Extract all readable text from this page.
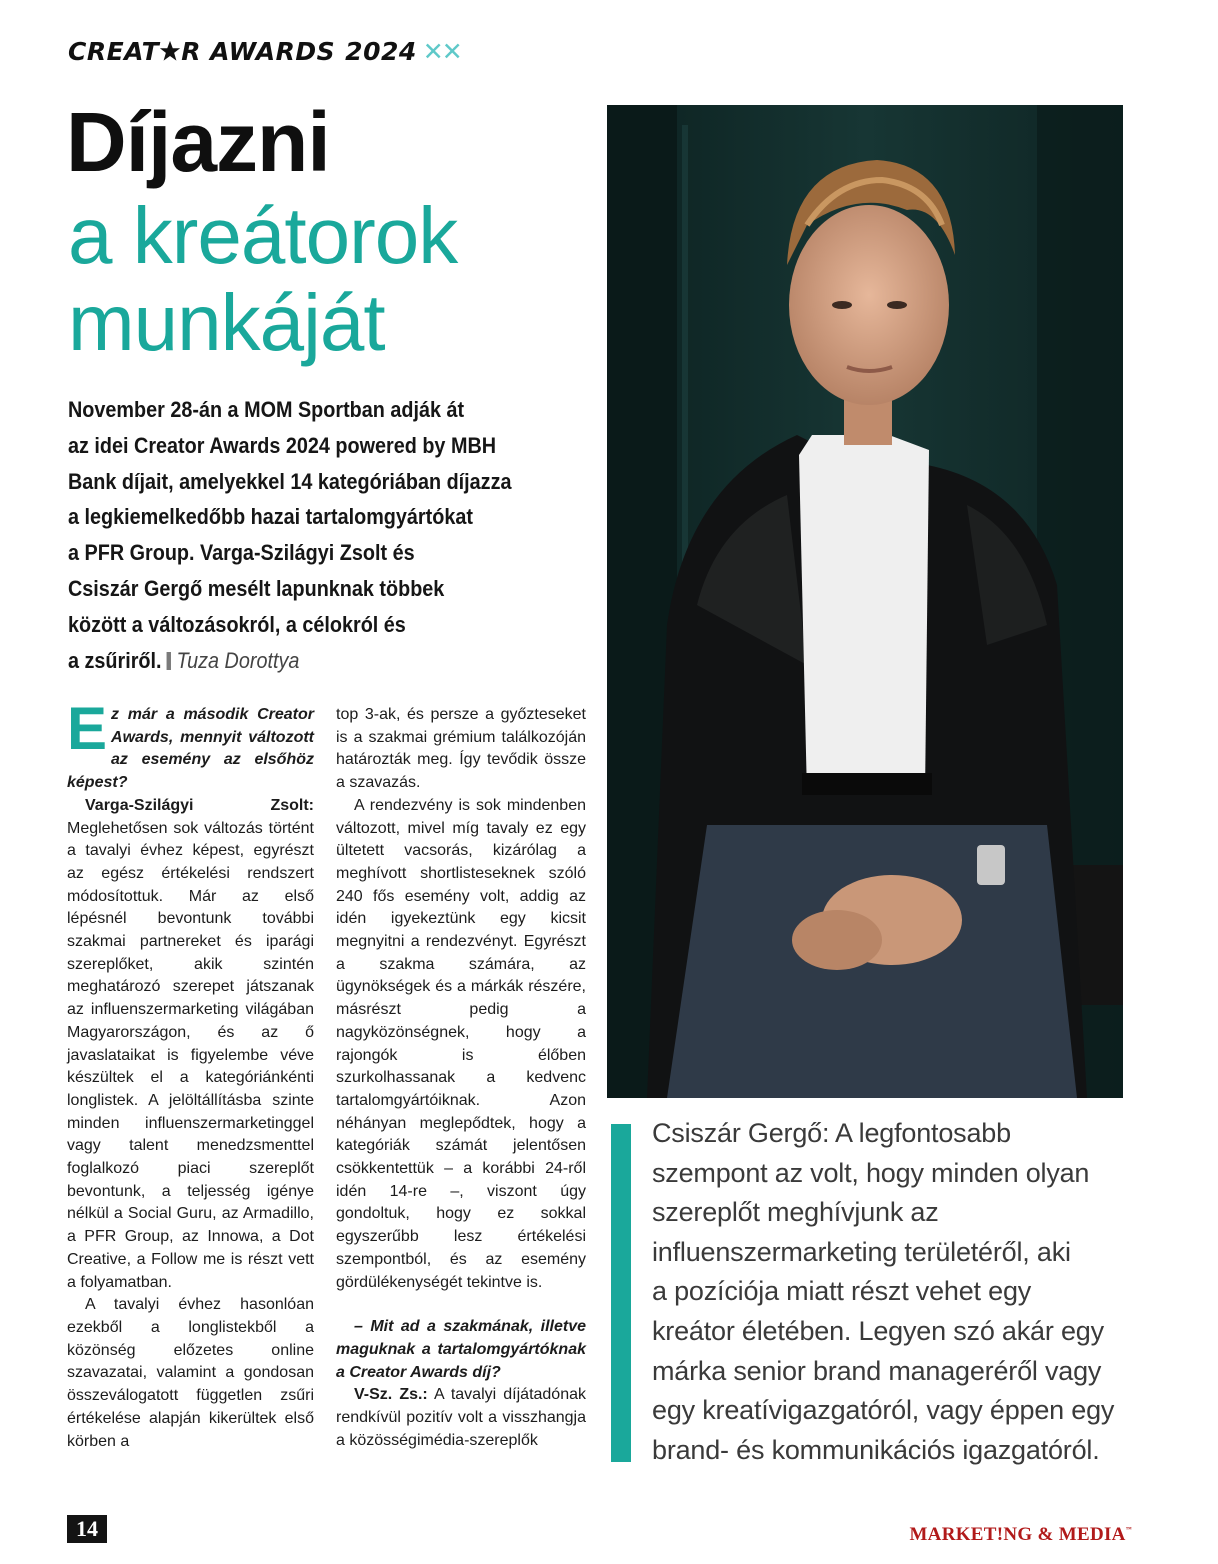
CREAT R AWARDS 2024 ✕✕
Díjazni
a kreátorok
munkáját
November 28-án a MOM Sportban adják át
az idei Creator Awards 2024 powered by MBH
Bank díjait, amelyekkel 14 kategóriában díjazza
a legkiemelkedőbb hazai tartalomgyártókat
a PFR Group. Varga-Szilágyi Zsolt és
Csiszár Gergő mesélt lapunknak többek
között a változásokról, a célokról és
a zsűriről. Tuza Dorottya

Ez már a második Creator Awards, mennyit változott az esemény az elsőhöz képest?

Varga-Szilágyi Zsolt: Meglehetősen sok változás történt a tavalyi évhez képest, egyrészt az egész értékelési rendszert módosítottuk. Már az első lépésnél bevontunk további szakmai partnereket és iparági szereplőket, akik szintén meghatározó szerepet játszanak az influenszermarketing világában Magyarországon, és az ő javaslataikat is figyelembe véve készültek el a kategóriánkénti longlistek. A jelöltállításba szinte minden influenszermarketinggel vagy talent menedzsmenttel foglalkozó piaci szereplőt bevontunk, a teljesség igénye nélkül a Social Guru, az Armadillo, a PFR Group, az Innowa, a Dot Creative, a Follow me is részt vett a folyamatban.

A tavalyi évhez hasonlóan ezekből a longlistekből a közönség előzetes online szavazatai, valamint a gondosan összeválogatott független zsűri értékelése alapján kikerültek első körben a

top 3-ak, és persze a győzteseket is a szakmai grémium találkozóján határozták meg. Így tevődik össze a szavazás.

A rendezvény is sok mindenben változott, mivel míg tavaly ez egy ültetett vacsorás, kizárólag a meghívott shortlisteseknek szóló 240 fős esemény volt, addig az idén igyekeztünk egy kicsit megnyitni a rendezvényt. Egyrészt a szakma számára, az ügynökségek és a márkák részére, másrészt pedig a nagyközönségnek, hogy a rajongók is élőben szurkolhassanak a kedvenc tartalomgyártóiknak. Azon néhányan meglepődtek, hogy a kategóriák számát jelentősen csökkentettük – a korábbi 24-ről idén 14-re –, viszont úgy gondoltuk, hogy ez sokkal egyszerűbb lesz értékelési szempontból, és az esemény gördülékenységét tekintve is.

– Mit ad a szakmának, illetve maguknak a tartalomgyártóknak a Creator Awards díj?

V-Sz. Zs.: A tavalyi díjátadónak rendkívül pozitív volt a visszhangja a közösségimédia-szereplők

Csiszár Gergő: A legfontosabb
szempont az volt, hogy minden olyan
szereplőt meghívjunk az
influenszermarketing területéről, aki
a pozíciója miatt részt vehet egy
kreátor életében. Legyen szó akár egy
márka senior brand manageréről vagy
egy kreatívigazgatóról, vagy éppen egy
brand- és kommunikációs igazgatóról.
14	MARKET!NG & MEDIA™
